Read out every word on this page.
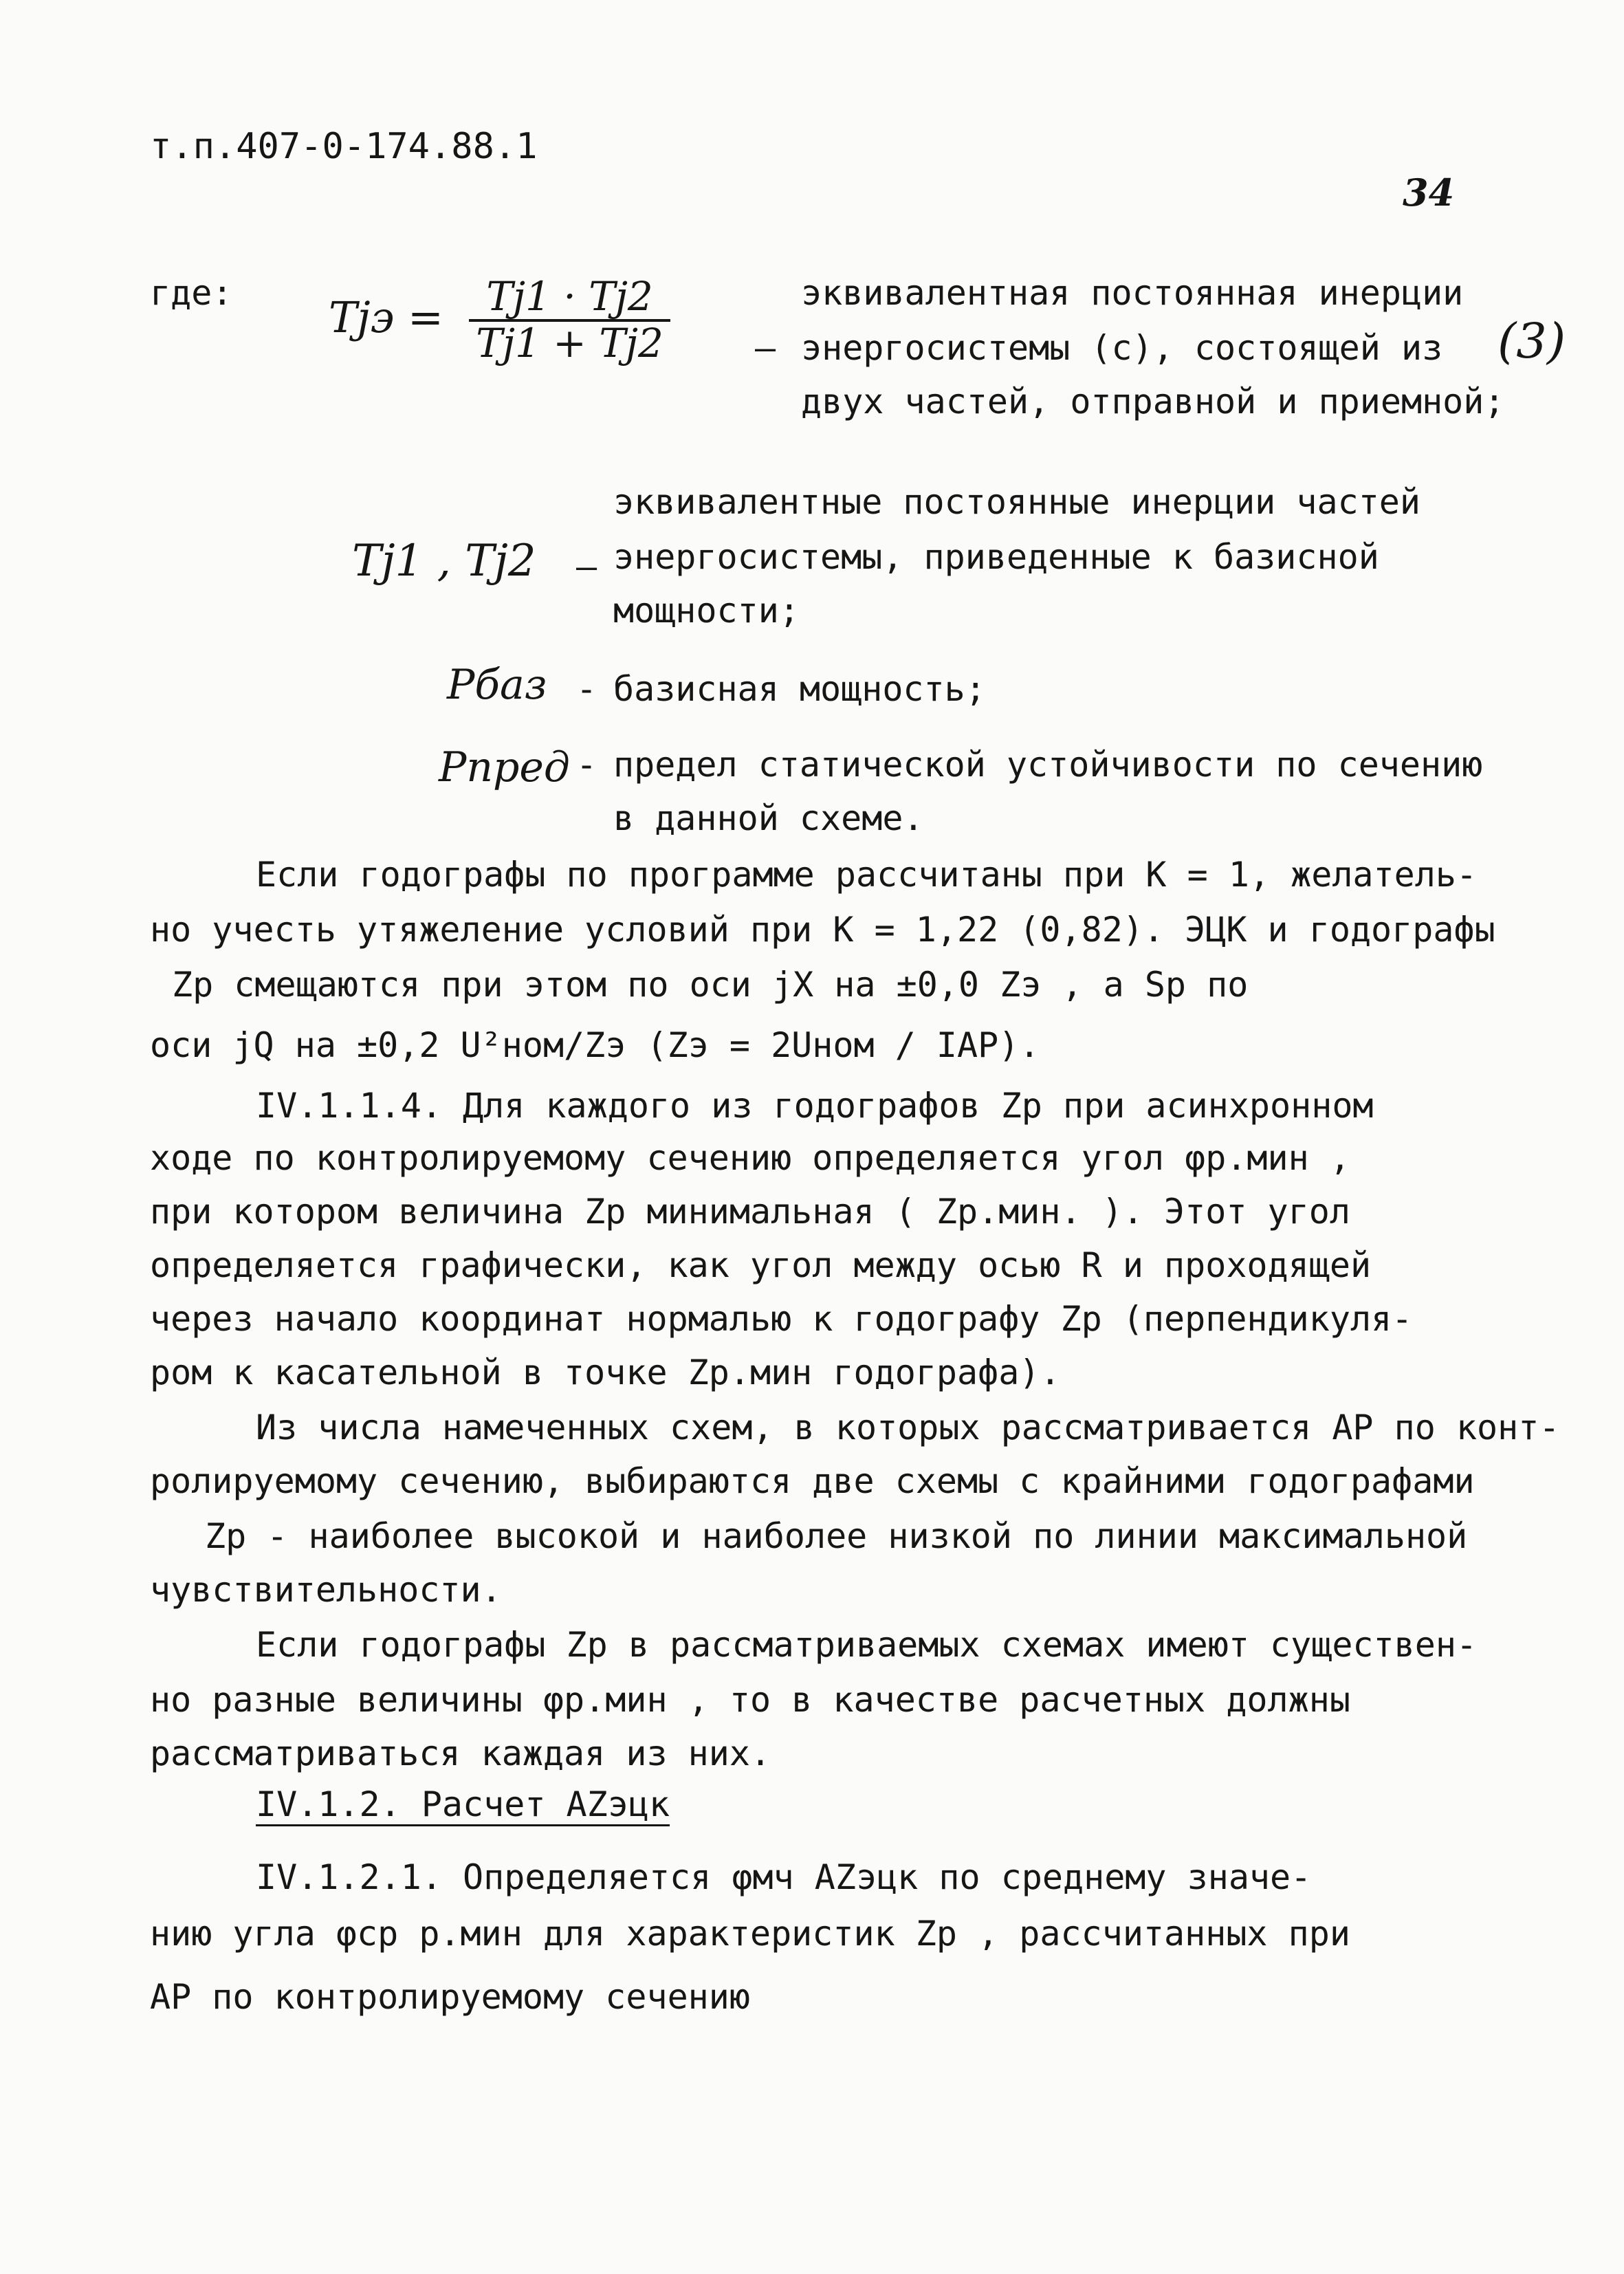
т.п.407-0-174.88.1
34
где: Tjэ = $\frac{Tj1 \cdot Tj2}{Tj1 + Tj2}$ –
эквивалентная постоянная инерции
энергосистемы (с), состоящей из
двух частей, отправной и приемной;
(3)
Tj1 , Tj2 –
эквивалентные постоянные инерции частей
энергосистемы, приведенные к базисной
мощности;
Pбаз - базисная мощность;
Pпред - предел статической устойчивости по сечению
в данной схеме.
Если годографы по программе рассчитаны при K = 1, желатель-
но учесть утяжеление условий при K = 1,22 (0,82). ЭЦК и годографы
Zp смещаются при этом по оси jX на ±0,0 Zэ , а Sp по
оси jQ на ±0,2 U²ном/Zэ (Zэ = 2Uном / IАР).
IV.1.1.4. Для каждого из годографов Zp при асинхронном
ходе по контролируемому сечению определяется угол φp.мин ,
при котором величина Zp минимальная ( Zp.мин. ). Этот угол
определяется графически, как угол между осью R и проходящей
через начало координат нормалью к годографу Zp (перпендикуля-
ром к касательной в точке Zp.мин годографа).
Из числа намеченных схем, в которых рассматривается АР по конт-
ролируемому сечению, выбираются две схемы с крайними годографами
Zp - наиболее высокой и наиболее низкой по линии максимальной
чувствительности.
Если годографы Zp в рассматриваемых схемах имеют существен-
но разные величины φp.мин , то в качестве расчетных должны
рассматриваться каждая из них.
IV.1.2. Расчет AZэцк
IV.1.2.1. Определяется φмч AZэцк по среднему значе-
нию угла φср p.мин для характеристик Zp , рассчитанных при
АР по контролируемому сечению
